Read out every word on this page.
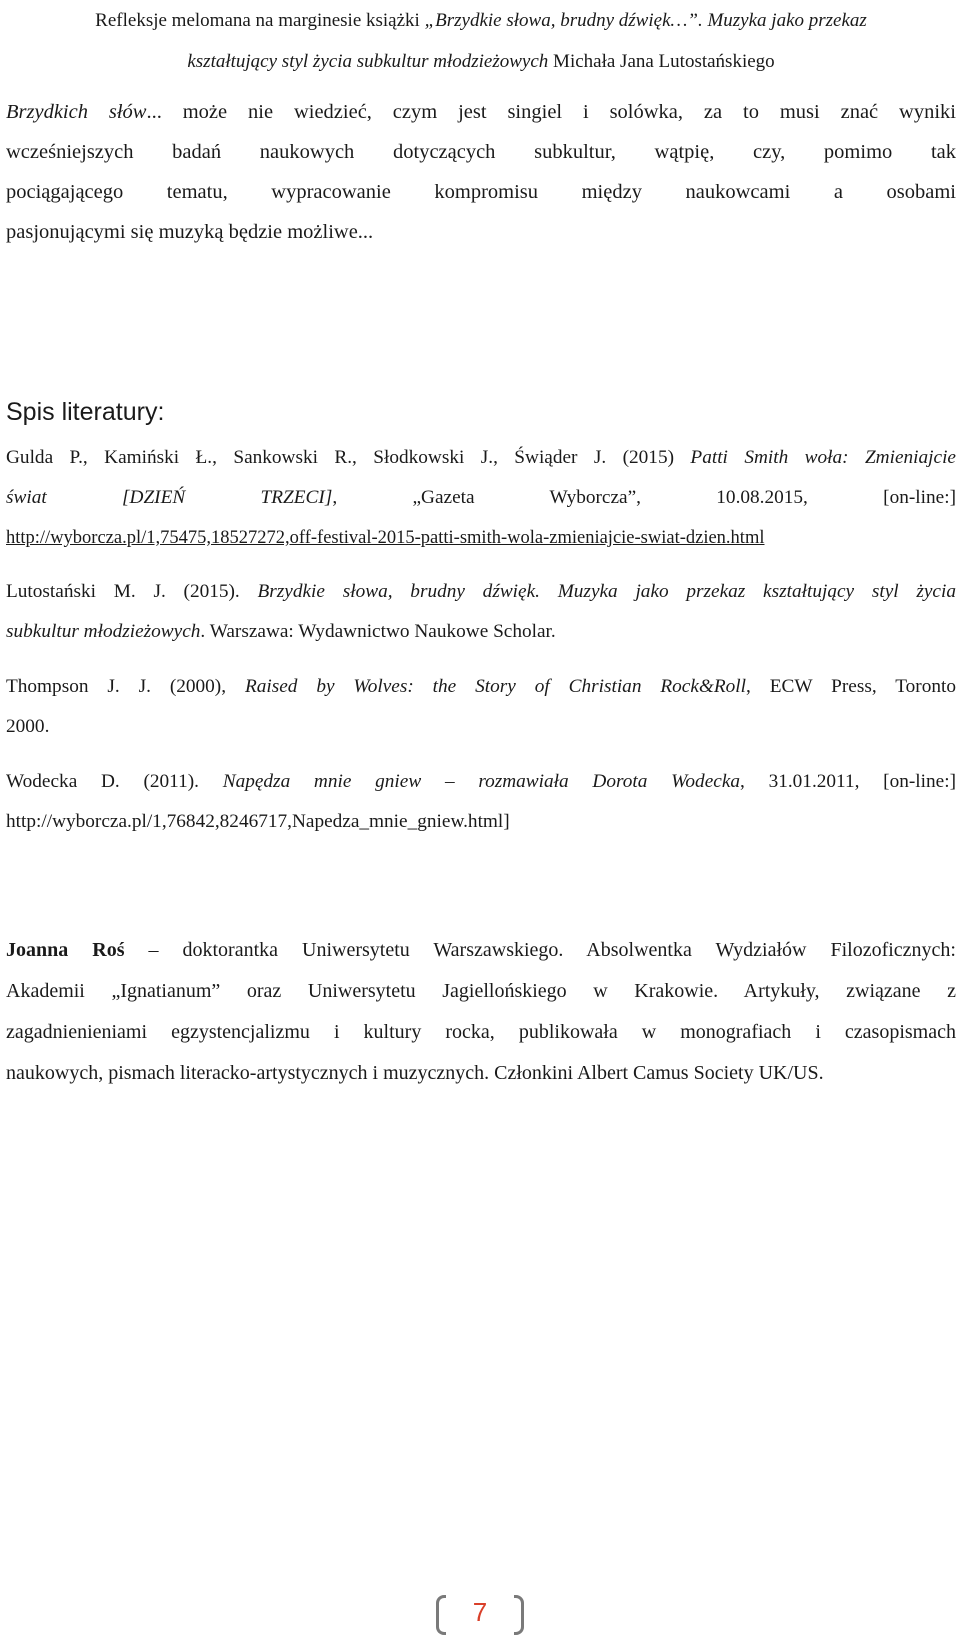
Refleksje melomana na marginesie książki „Brzydkie słowa, brudny dźwięk…”. Muzyka jako przekaz
kształtujący styl życia subkultur młodzieżowych Michała Jana Lutostańskiego
Brzydkich słów... może nie wiedzieć, czym jest singiel i solówka, za to musi znać wyniki
wcześniejszych badań naukowych dotyczących subkultur, wątpię, czy, pomimo tak
pociągającego tematu, wypracowanie kompromisu między naukowcami a osobami
pasjonującymi się muzyką będzie możliwe...
Spis literatury:
Gulda P., Kamiński Ł., Sankowski R., Słodkowski J., Świąder J. (2015) Patti Smith woła: Zmieniajcie
świat [DZIEŃ TRZECI], „Gazeta Wyborcza”, 10.08.2015, [on-line:]
http://wyborcza.pl/1,75475,18527272,off-festival-2015-patti-smith-wola-zmieniajcie-swiat-dzien.html
Lutostański M. J. (2015). Brzydkie słowa, brudny dźwięk. Muzyka jako przekaz kształtujący styl życia
subkultur młodzieżowych. Warszawa: Wydawnictwo Naukowe Scholar.
Thompson J. J. (2000), Raised by Wolves: the Story of Christian Rock&Roll, ECW Press, Toronto
2000.
Wodecka D. (2011). Napędza mnie gniew – rozmawiała Dorota Wodecka, 31.01.2011, [on-line:]
http://wyborcza.pl/1,76842,8246717,Napedza_mnie_gniew.html]
Joanna Roś – doktorantka Uniwersytetu Warszawskiego. Absolwentka Wydziałów Filozoficznych:
Akademii „Ignatianum” oraz Uniwersytetu Jagiellońskiego w Krakowie. Artykuły, związane z
zagadnienieniami egzystencjalizmu i kultury rocka, publikowała w monografiach i czasopismach
naukowych, pismach literacko-artystycznych i muzycznych. Członkini Albert Camus Society UK/US.
7
